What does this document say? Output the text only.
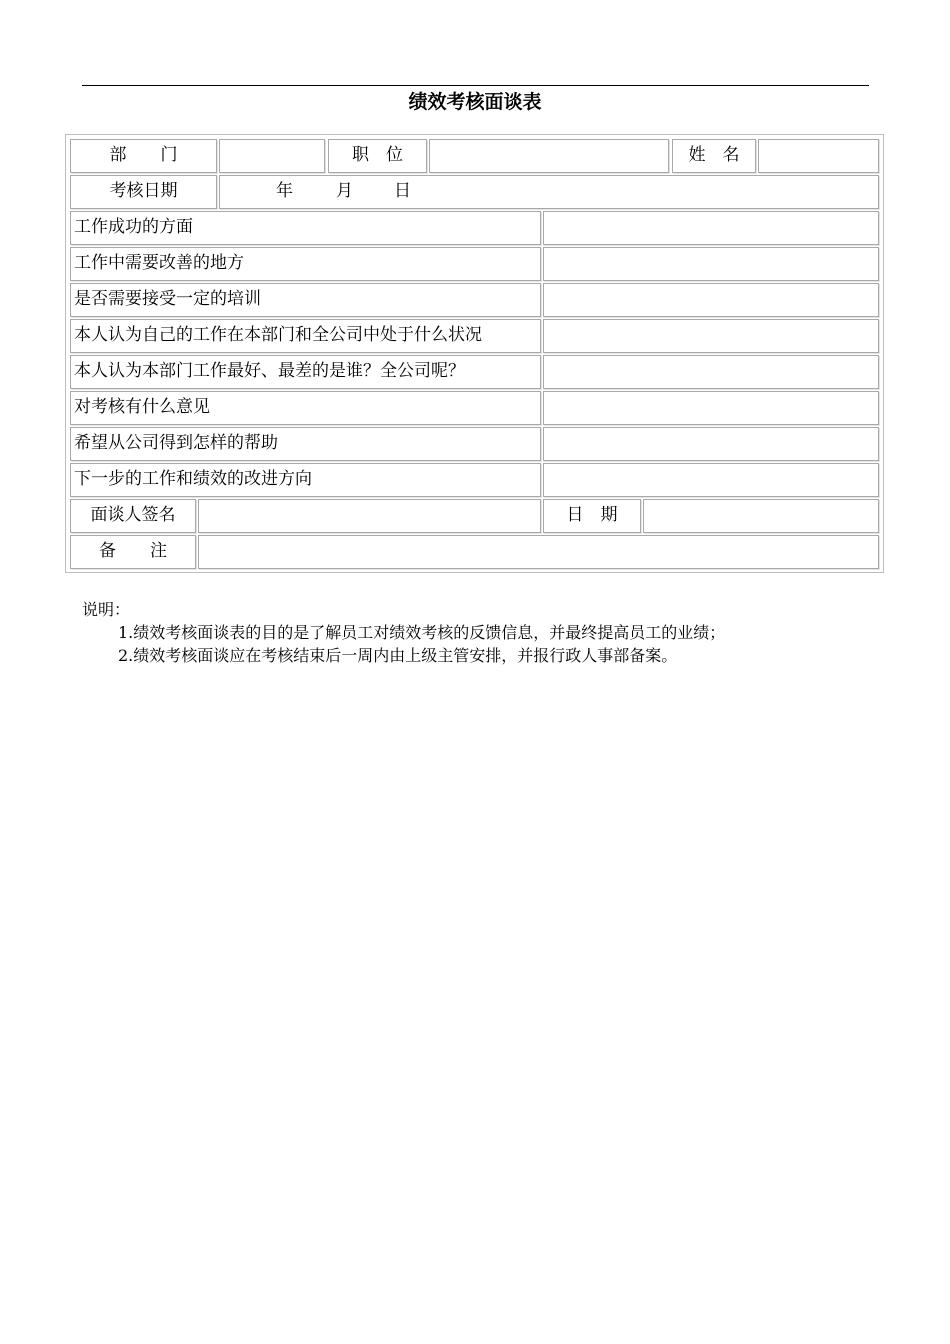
绩效考核面谈表
部　　门	职　位	姓　名
考核日期	年	月 日
工作成功的方面
工作中需要改善的地方
是否需要接受一定的培训
本人认为自己的工作在本部门和全公司中处于什么状况
本人认为本部门工作最好、最差的是谁？全公司呢？
对考核有什么意见
希望从公司得到怎样的帮助
下一步的工作和绩效的改进方向
面谈人签名	日　期
备　　注
说明：
1.绩效考核面谈表的目的是了解员工对绩效考核的反馈信息，并最终提高员工的业绩；
2.绩效考核面谈应在考核结束后一周内由上级主管安排，并报行政人事部备案。
